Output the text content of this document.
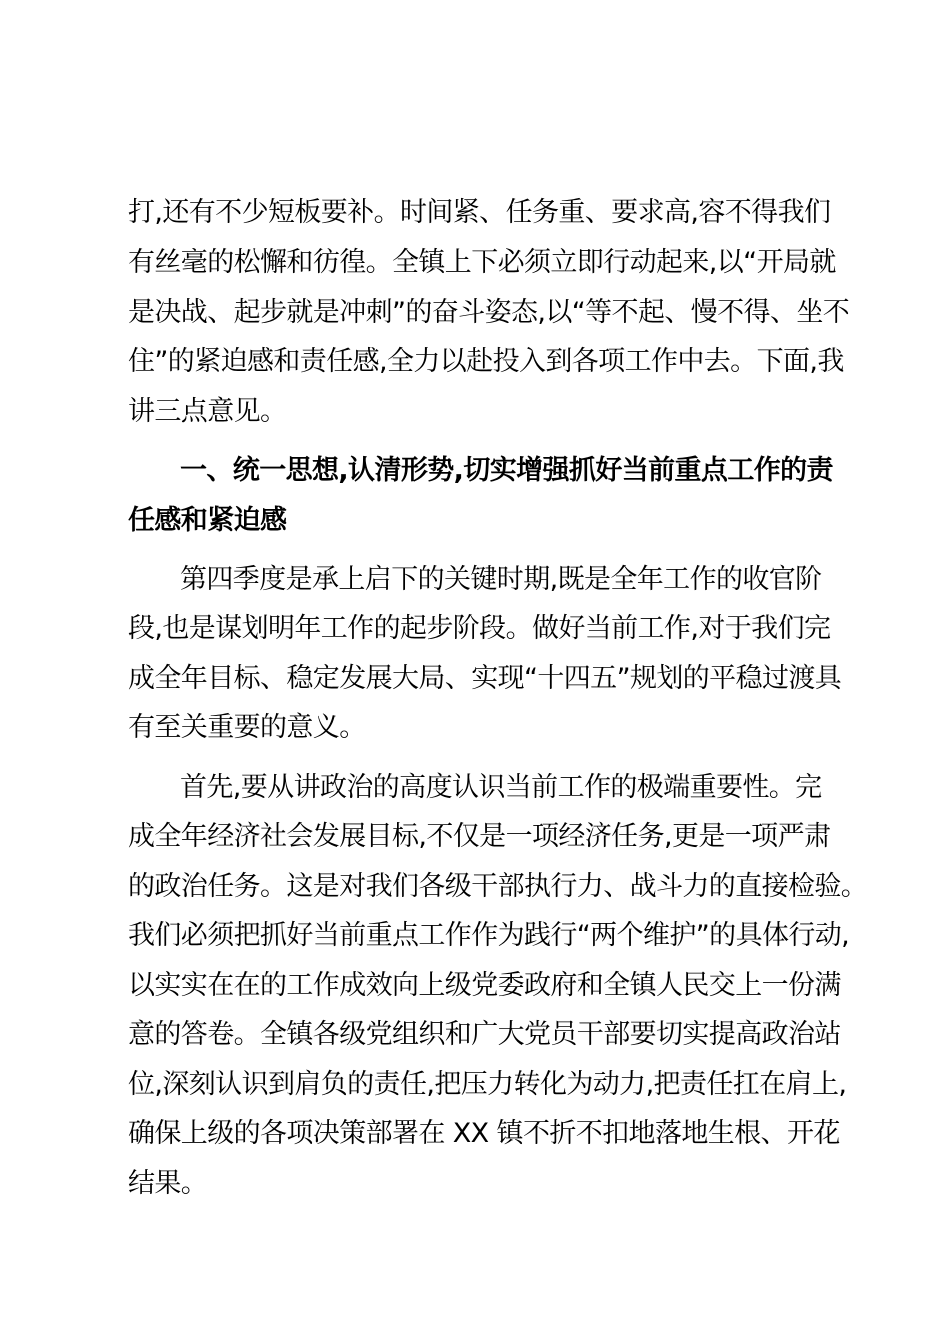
打,还有不少短板要补。时间紧、任务重、要求高,容不得我们

有丝毫的松懈和彷徨。全镇上下必须立即行动起来,以“开局就

是决战、起步就是冲刺”的奋斗姿态,以“等不起、慢不得、坐不

住”的紧迫感和责任感,全力以赴投入到各项工作中去。下面,我

讲三点意见。

一、统一思想,认清形势,切实增强抓好当前重点工作的责

任感和紧迫感

第四季度是承上启下的关键时期,既是全年工作的收官阶

段,也是谋划明年工作的起步阶段。做好当前工作,对于我们完

成全年目标、稳定发展大局、实现“十四五”规划的平稳过渡具

有至关重要的意义。

首先,要从讲政治的高度认识当前工作的极端重要性。完

成全年经济社会发展目标,不仅是一项经济任务,更是一项严肃

的政治任务。这是对我们各级干部执行力、战斗力的直接检验。

我们必须把抓好当前重点工作作为践行“两个维护”的具体行动,

以实实在在的工作成效向上级党委政府和全镇人民交上一份满

意的答卷。全镇各级党组织和广大党员干部要切实提高政治站

位,深刻认识到肩负的责任,把压力转化为动力,把责任扛在肩上,

确保上级的各项决策部署在 XX 镇不折不扣地落地生根、开花

结果。
